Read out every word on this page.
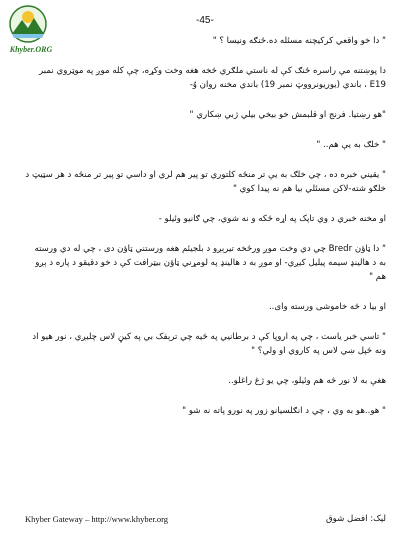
Khyber.ORG
-45-

" دا خو واقعي کرکيچنه مسئله ده.ځنګه ونيسا ؟ "

دا پوښتنه مې راسره ځنګ کې له ناستي ملګري څخه هغه وخت وکړه، چې کله موږ په موټروي نمبر E19 ، باندي (يوريونرووټ نمبر 19) باندي مخنه روان وُ-

"هو رښتيا. فرنج او قلبمش خو بيخي بيلي ژبي ښکاري "

" خلګ به يې هم.. "

" يقيني خبره ده ، چي خلګ به يې تر منځه کلتوري تو پير هم لري او داسي تو پير تر منځه د هر سټيټ د خلګو شته-لاکن مسئلي بيا هم نه پيدا کوي "

او مخنه خبري د وي تاپک په اړه څکه و نه شوي، چي ګانيو وئيلو -

" دا ټاؤن Bredr چي دي وخت موږ ورځخه تيرېږو د بلجيئم هغه ورستني ټاؤن دی ، چي له دي ورسته به د هالينډ سيمه پيليل کيږي- او موږ به د هالينډ په لومړني ټاؤن بيټرافت کې د خو دقيقو د پاره د ېږو هم "

او بيا د څه خاموشی ورسته وای..

" تاسي خبر ياست ، چي په اروپا کې د برطانيي په څيه چي ترېفک بي په کيڼ لاس چليږي ، نور هيو اد ونه څپل ښي لاس په کاروي او ولي؟ "

هغې به لا نور څه هم وئيلو، چي يو ژغ راغلو..

" هو..هو به وي ، چي د انګلسيانو زور په نورو پاته نه شو "

Khyber Gateway – http://www.khyber.org	ليک: افضل شوق
